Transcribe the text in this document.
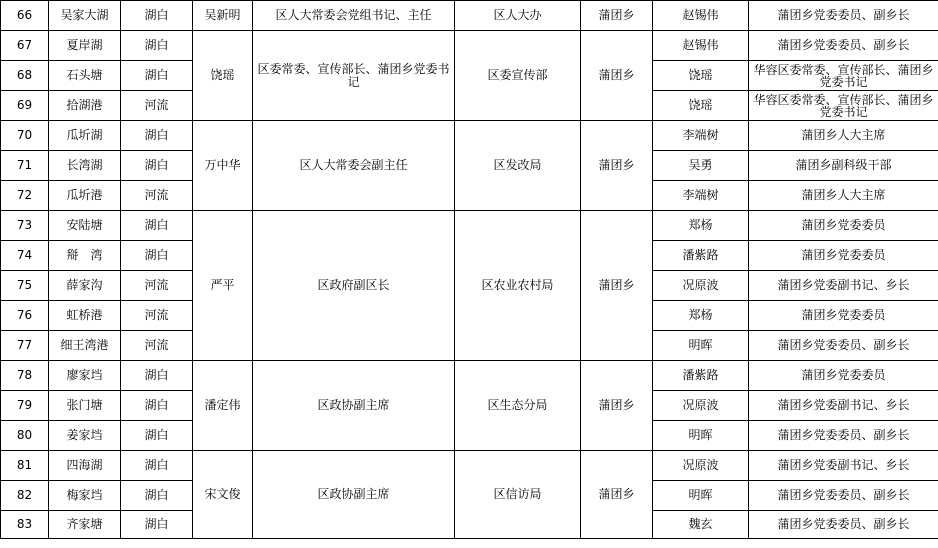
66	吴家大湖	湖白	吴新明	区人大常委会党组书记、主任	区人大办	蒲团乡	赵锡伟	蒲团乡党委委员、副乡长
67	夏岸湖	湖白	饶瑶	区委常委、宣传部长、蒲团乡党委书记	区委宣传部	蒲团乡	赵锡伟	蒲团乡党委委员、副乡长
68	石头塘	湖白					饶瑶	华容区委常委、宣传部长、蒲团乡党委书记
69	拾湖港	河流					饶瑶	华容区委常委、宣传部长、蒲团乡党委书记
70	瓜圻湖	湖白	万中华	区人大常委会副主任	区发改局	蒲团乡	李端树	蒲团乡人大主席
71	长湾湖	湖白					吴勇	蒲团乡副科级干部
72	瓜圻港	河流					李端树	蒲团乡人大主席
73	安陆塘	湖白	严平	区政府副区长	区农业农村局	蒲团乡	郑杨	蒲团乡党委委员
74	搿　湾	湖白					潘紫路	蒲团乡党委委员
75	薛家沟	河流					况原波	蒲团乡党委副书记、乡长
76	虹桥港	河流					郑杨	蒲团乡党委委员
77	细王湾港	河流					明晖	蒲团乡党委委员、副乡长
78	廖家垱	湖白	潘定伟	区政协副主席	区生态分局	蒲团乡	潘紫路	蒲团乡党委委员
79	张门塘	湖白					况原波	蒲团乡党委副书记、乡长
80	姜家垱	湖白					明晖	蒲团乡党委委员、副乡长
81	四海湖	湖白	宋文俊	区政协副主席	区信访局	蒲团乡	况原波	蒲团乡党委副书记、乡长
82	梅家垱	湖白					明晖	蒲团乡党委委员、副乡长
83	齐家塘	湖白					魏玄	蒲团乡党委委员、副乡长
